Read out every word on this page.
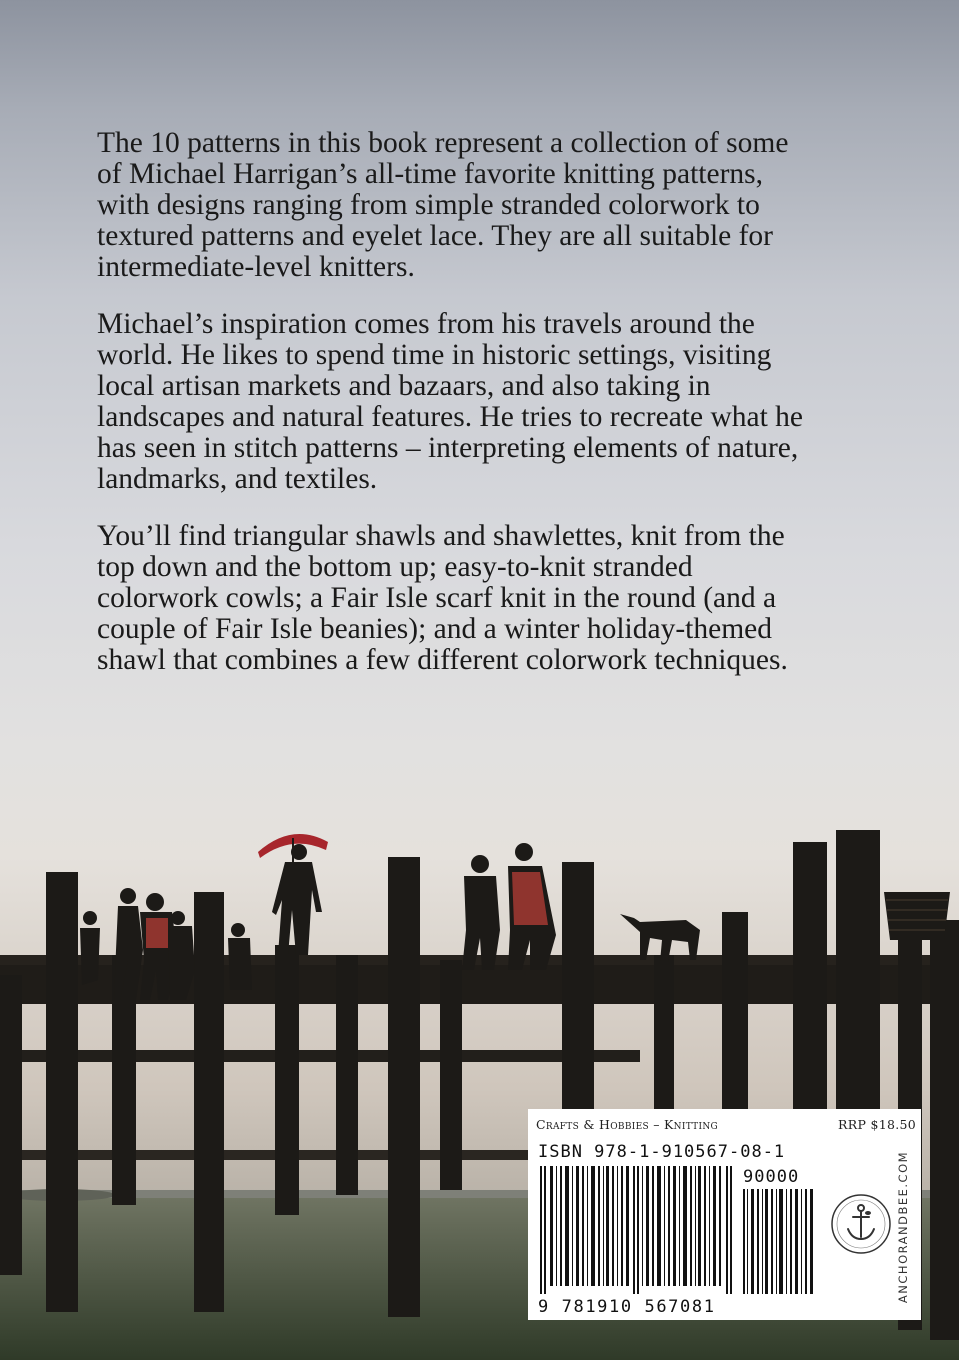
The 10 patterns in this book represent a collection of some of Michael Harrigan’s all-time favorite knitting patterns, with designs ranging from simple stranded colorwork to textured patterns and eyelet lace. They are all suitable for intermediate-level knitters.

Michael’s inspiration comes from his travels around the world. He likes to spend time in historic settings, visiting local artisan markets and bazaars, and also taking in landscapes and natural features. He tries to recreate what he has seen in stitch patterns – interpreting elements of nature, landmarks, and textiles.

You’ll find triangular shawls and shawlettes, knit from the top down and the bottom up; easy-to-knit stranded colorwork cowls; a Fair Isle scarf knit in the round (and a couple of Fair Isle beanies); and a winter holiday-themed shawl that combines a few different colorwork techniques.

Crafts & Hobbies – Knitting	RRP $18.50
ISBN 978-1-910567-08-1
90000
9 781910 567081
ANCHORANDBEE.COM
